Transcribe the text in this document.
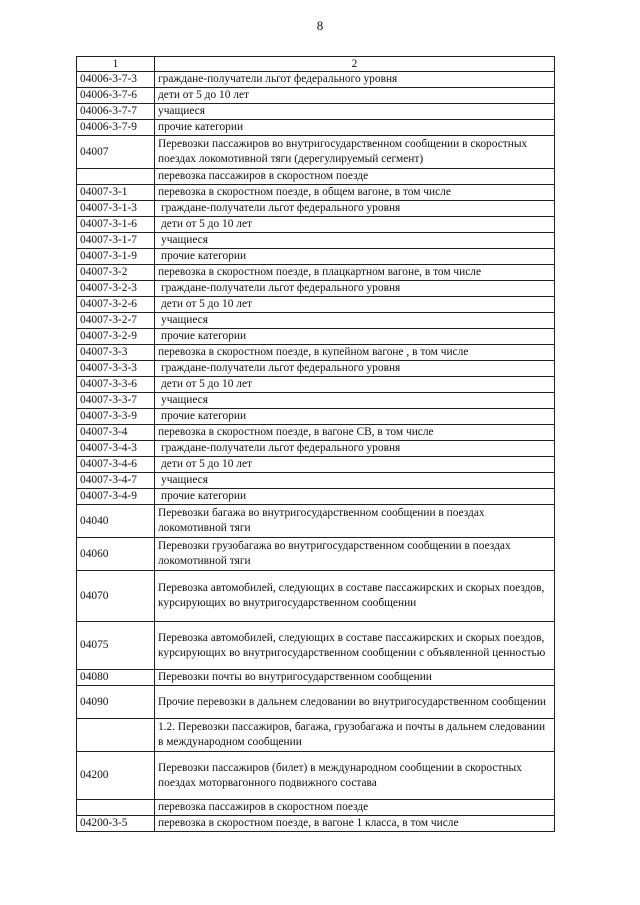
8
1	2
04006-3-7-3	граждане-получатели льгот федерального уровня
04006-3-7-6	дети от 5 до 10 лет
04006-3-7-7	учащиеся
04006-3-7-9	прочие категории
04007	Перевозки пассажиров во внутригосударственном сообщении в скоростных поездах локомотивной тяги (дерегулируемый сегмент)
	перевозка пассажиров в скоростном поезде
04007-3-1	перевозка в скоростном поезде, в общем вагоне, в том числе
04007-3-1-3	граждане-получатели льгот федерального уровня
04007-3-1-6	дети от 5 до 10 лет
04007-3-1-7	учащиеся
04007-3-1-9	прочие категории
04007-3-2	перевозка в скоростном поезде, в плацкартном вагоне, в том числе
04007-3-2-3	граждане-получатели льгот федерального уровня
04007-3-2-6	дети от 5 до 10 лет
04007-3-2-7	учащиеся
04007-3-2-9	прочие категории
04007-3-3	перевозка в скоростном поезде, в купейном вагоне , в том числе
04007-3-3-3	граждане-получатели льгот федерального уровня
04007-3-3-6	дети от 5 до 10 лет
04007-3-3-7	учащиеся
04007-3-3-9	прочие категории
04007-3-4	перевозка в скоростном поезде, в вагоне СВ, в том числе
04007-3-4-3	граждане-получатели льгот федерального уровня
04007-3-4-6	дети от 5 до 10 лет
04007-3-4-7	учащиеся
04007-3-4-9	прочие категории
04040	Перевозки багажа во внутригосударственном сообщении в поездах локомотивной тяги
04060	Перевозки грузобагажа во внутригосударственном сообщении в поездах локомотивной тяги
04070	Перевозка автомобилей, следующих в составе пассажирских и скорых поездов, курсирующих во внутригосударственном сообщении
04075	Перевозка автомобилей, следующих в составе пассажирских и скорых поездов, курсирующих во внутригосударственном сообщении с объявленной ценностью
04080	Перевозки почты во внутригосударственном сообщении
04090	Прочие перевозки в дальнем следовании во внутригосударственном сообщении
	1.2. Перевозки пассажиров, багажа, грузобагажа и почты в дальнем следовании в международном сообщении
04200	Перевозки пассажиров (билет) в международном сообщении в скоростных поездах моторвагонного подвижного состава
	перевозка пассажиров в скоростном поезде
04200-3-5	перевозка в скоростном поезде, в вагоне 1 класса, в том числе
